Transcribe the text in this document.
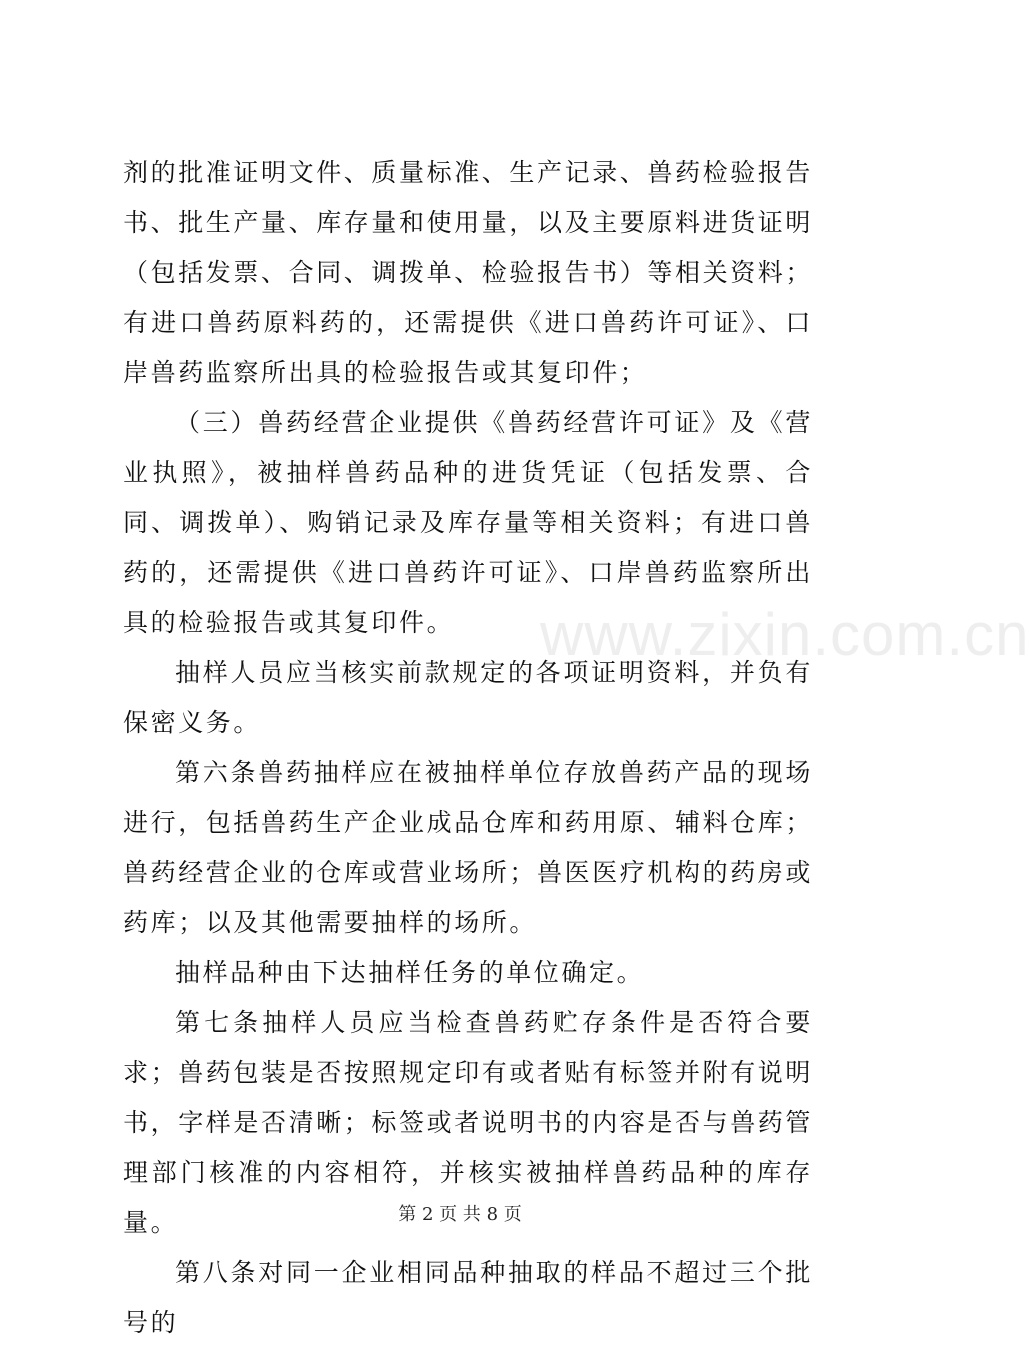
剂的批准证明文件、质量标准、生产记录、兽药检验报告书、批生产量、库存量和使用量，以及主要原料进货证明（包括发票、合同、调拨单、检验报告书）等相关资料；有进口兽药原料药的，还需提供《进口兽药许可证》、口岸兽药监察所出具的检验报告或其复印件；

（三）兽药经营企业提供《兽药经营许可证》及《营业执照》，被抽样兽药品种的进货凭证（包括发票、合同、调拨单）、购销记录及库存量等相关资料；有进口兽药的，还需提供《进口兽药许可证》、口岸兽药监察所出具的检验报告或其复印件。

抽样人员应当核实前款规定的各项证明资料，并负有保密义务。

第六条兽药抽样应在被抽样单位存放兽药产品的现场进行，包括兽药生产企业成品仓库和药用原、辅料仓库；兽药经营企业的仓库或营业场所；兽医医疗机构的药房或药库；以及其他需要抽样的场所。

抽样品种由下达抽样任务的单位确定。

第七条抽样人员应当检查兽药贮存条件是否符合要求；兽药包装是否按照规定印有或者贴有标签并附有说明书，字样是否清晰；标签或者说明书的内容是否与兽药管理部门核准的内容相符，并核实被抽样兽药品种的库存量。

第八条对同一企业相同品种抽取的样品不超过三个批号的

www.zixin.com.cn
第 2 页 共 8 页
